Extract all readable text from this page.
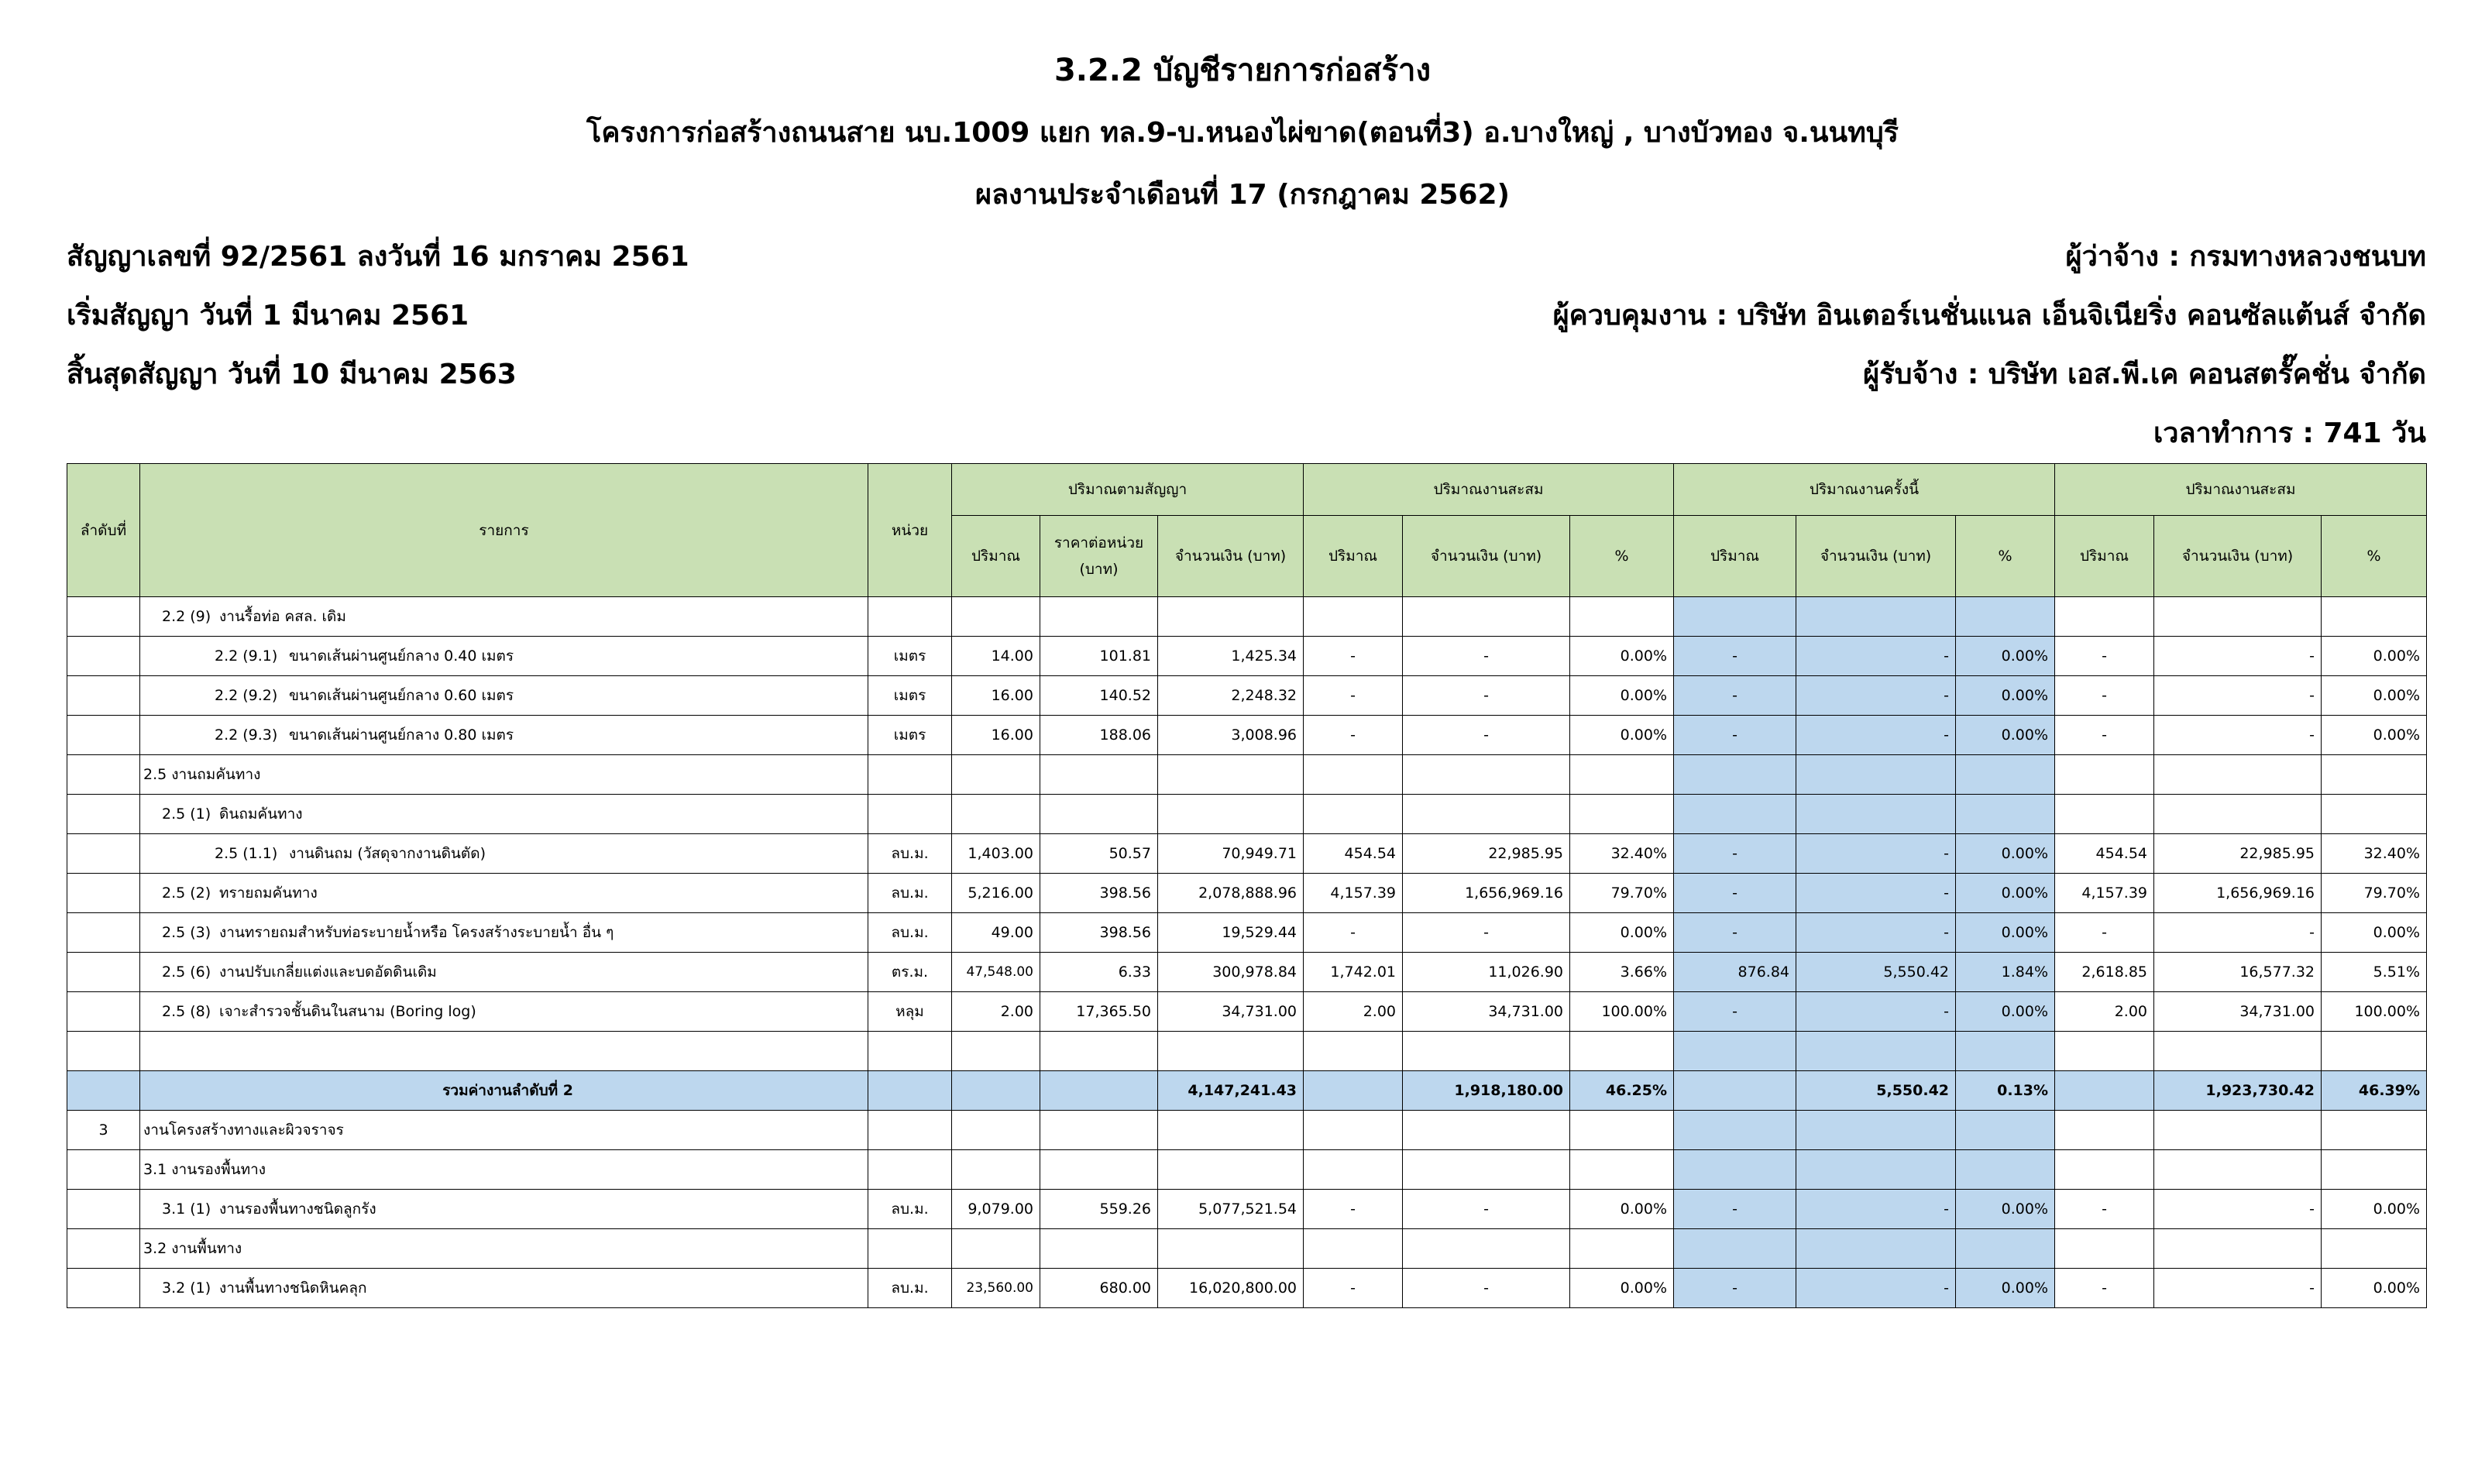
3.2.2 บัญชีรายการก่อสร้าง
โครงการก่อสร้างถนนสาย นบ.1009 แยก ทล.9-บ.หนองไผ่ขาด(ตอนที่3) อ.บางใหญ่ , บางบัวทอง จ.นนทบุรี
ผลงานประจำเดือนที่ 17 (กรกฎาคม 2562)
สัญญาเลขที่ 92/2561 ลงวันที่ 16 มกราคม 2561
เริ่มสัญญา วันที่ 1 มีนาคม 2561
สิ้นสุดสัญญา วันที่ 10 มีนาคม 2563
ผู้ว่าจ้าง : กรมทางหลวงชนบท
ผู้ควบคุมงาน : บริษัท อินเตอร์เนชั่นแนล เอ็นจิเนียริ่ง คอนซัลแต้นส์ จำกัด
ผู้รับจ้าง : บริษัท เอส.พี.เค คอนสตรั๊คชั่น จำกัด
เวลาทำการ : 741 วัน
ลำดับที่	รายการ	หน่วย	ปริมาณตามสัญญา			ปริมาณงานสะสม			ปริมาณงานครั้งนี้			ปริมาณงานสะสม		
			ปริมาณ	ราคาต่อหน่วย (บาท)	จำนวนเงิน (บาท)	ปริมาณ	จำนวนเงิน (บาท)	%	ปริมาณ	จำนวนเงิน (บาท)	%	ปริมาณ	จำนวนเงิน (บาท)	%
	2.2 (9) งานรื้อท่อ คสล. เดิม													
	2.2 (9.1) ขนาดเส้นผ่านศูนย์กลาง 0.40 เมตร	เมตร	14.00	101.81	1,425.34	-	-	0.00%	-	-	0.00%	-	-	0.00%
	2.2 (9.2) ขนาดเส้นผ่านศูนย์กลาง 0.60 เมตร	เมตร	16.00	140.52	2,248.32	-	-	0.00%	-	-	0.00%	-	-	0.00%
	2.2 (9.3) ขนาดเส้นผ่านศูนย์กลาง 0.80 เมตร	เมตร	16.00	188.06	3,008.96	-	-	0.00%	-	-	0.00%	-	-	0.00%
	2.5 งานถมคันทาง													
	2.5 (1) ดินถมคันทาง													
	2.5 (1.1) งานดินถม (วัสดุจากงานดินตัด)	ลบ.ม.	1,403.00	50.57	70,949.71	454.54	22,985.95	32.40%	-	-	0.00%	454.54	22,985.95	32.40%
	2.5 (2) ทรายถมคันทาง	ลบ.ม.	5,216.00	398.56	2,078,888.96	4,157.39	1,656,969.16	79.70%	-	-	0.00%	4,157.39	1,656,969.16	79.70%
	2.5 (3) งานทรายถมสำหรับท่อระบายน้ำหรือ โครงสร้างระบายน้ำ อื่น ๆ	ลบ.ม.	49.00	398.56	19,529.44	-	-	0.00%	-	-	0.00%	-	-	0.00%
	2.5 (6) งานปรับเกลี่ยแต่งและบดอัดดินเดิม	ตร.ม.	47,548.00	6.33	300,978.84	1,742.01	11,026.90	3.66%	876.84	5,550.42	1.84%	2,618.85	16,577.32	5.51%
	2.5 (8) เจาะสำรวจชั้นดินในสนาม (Boring log)	หลุม	2.00	17,365.50	34,731.00	2.00	34,731.00	100.00%	-	-	0.00%	2.00	34,731.00	100.00%

	รวมค่างานลำดับที่ 2				4,147,241.43		1,918,180.00	46.25%		5,550.42	0.13%		1,923,730.42	46.39%
3	งานโครงสร้างทางและผิวจราจร													
	3.1 งานรองพื้นทาง													
	3.1 (1) งานรองพื้นทางชนิดลูกรัง	ลบ.ม.	9,079.00	559.26	5,077,521.54	-	-	0.00%	-	-	0.00%	-	-	0.00%
	3.2 งานพื้นทาง													
	3.2 (1) งานพื้นทางชนิดหินคลุก	ลบ.ม.	23,560.00	680.00	16,020,800.00	-	-	0.00%	-	-	0.00%	-	-	0.00%
